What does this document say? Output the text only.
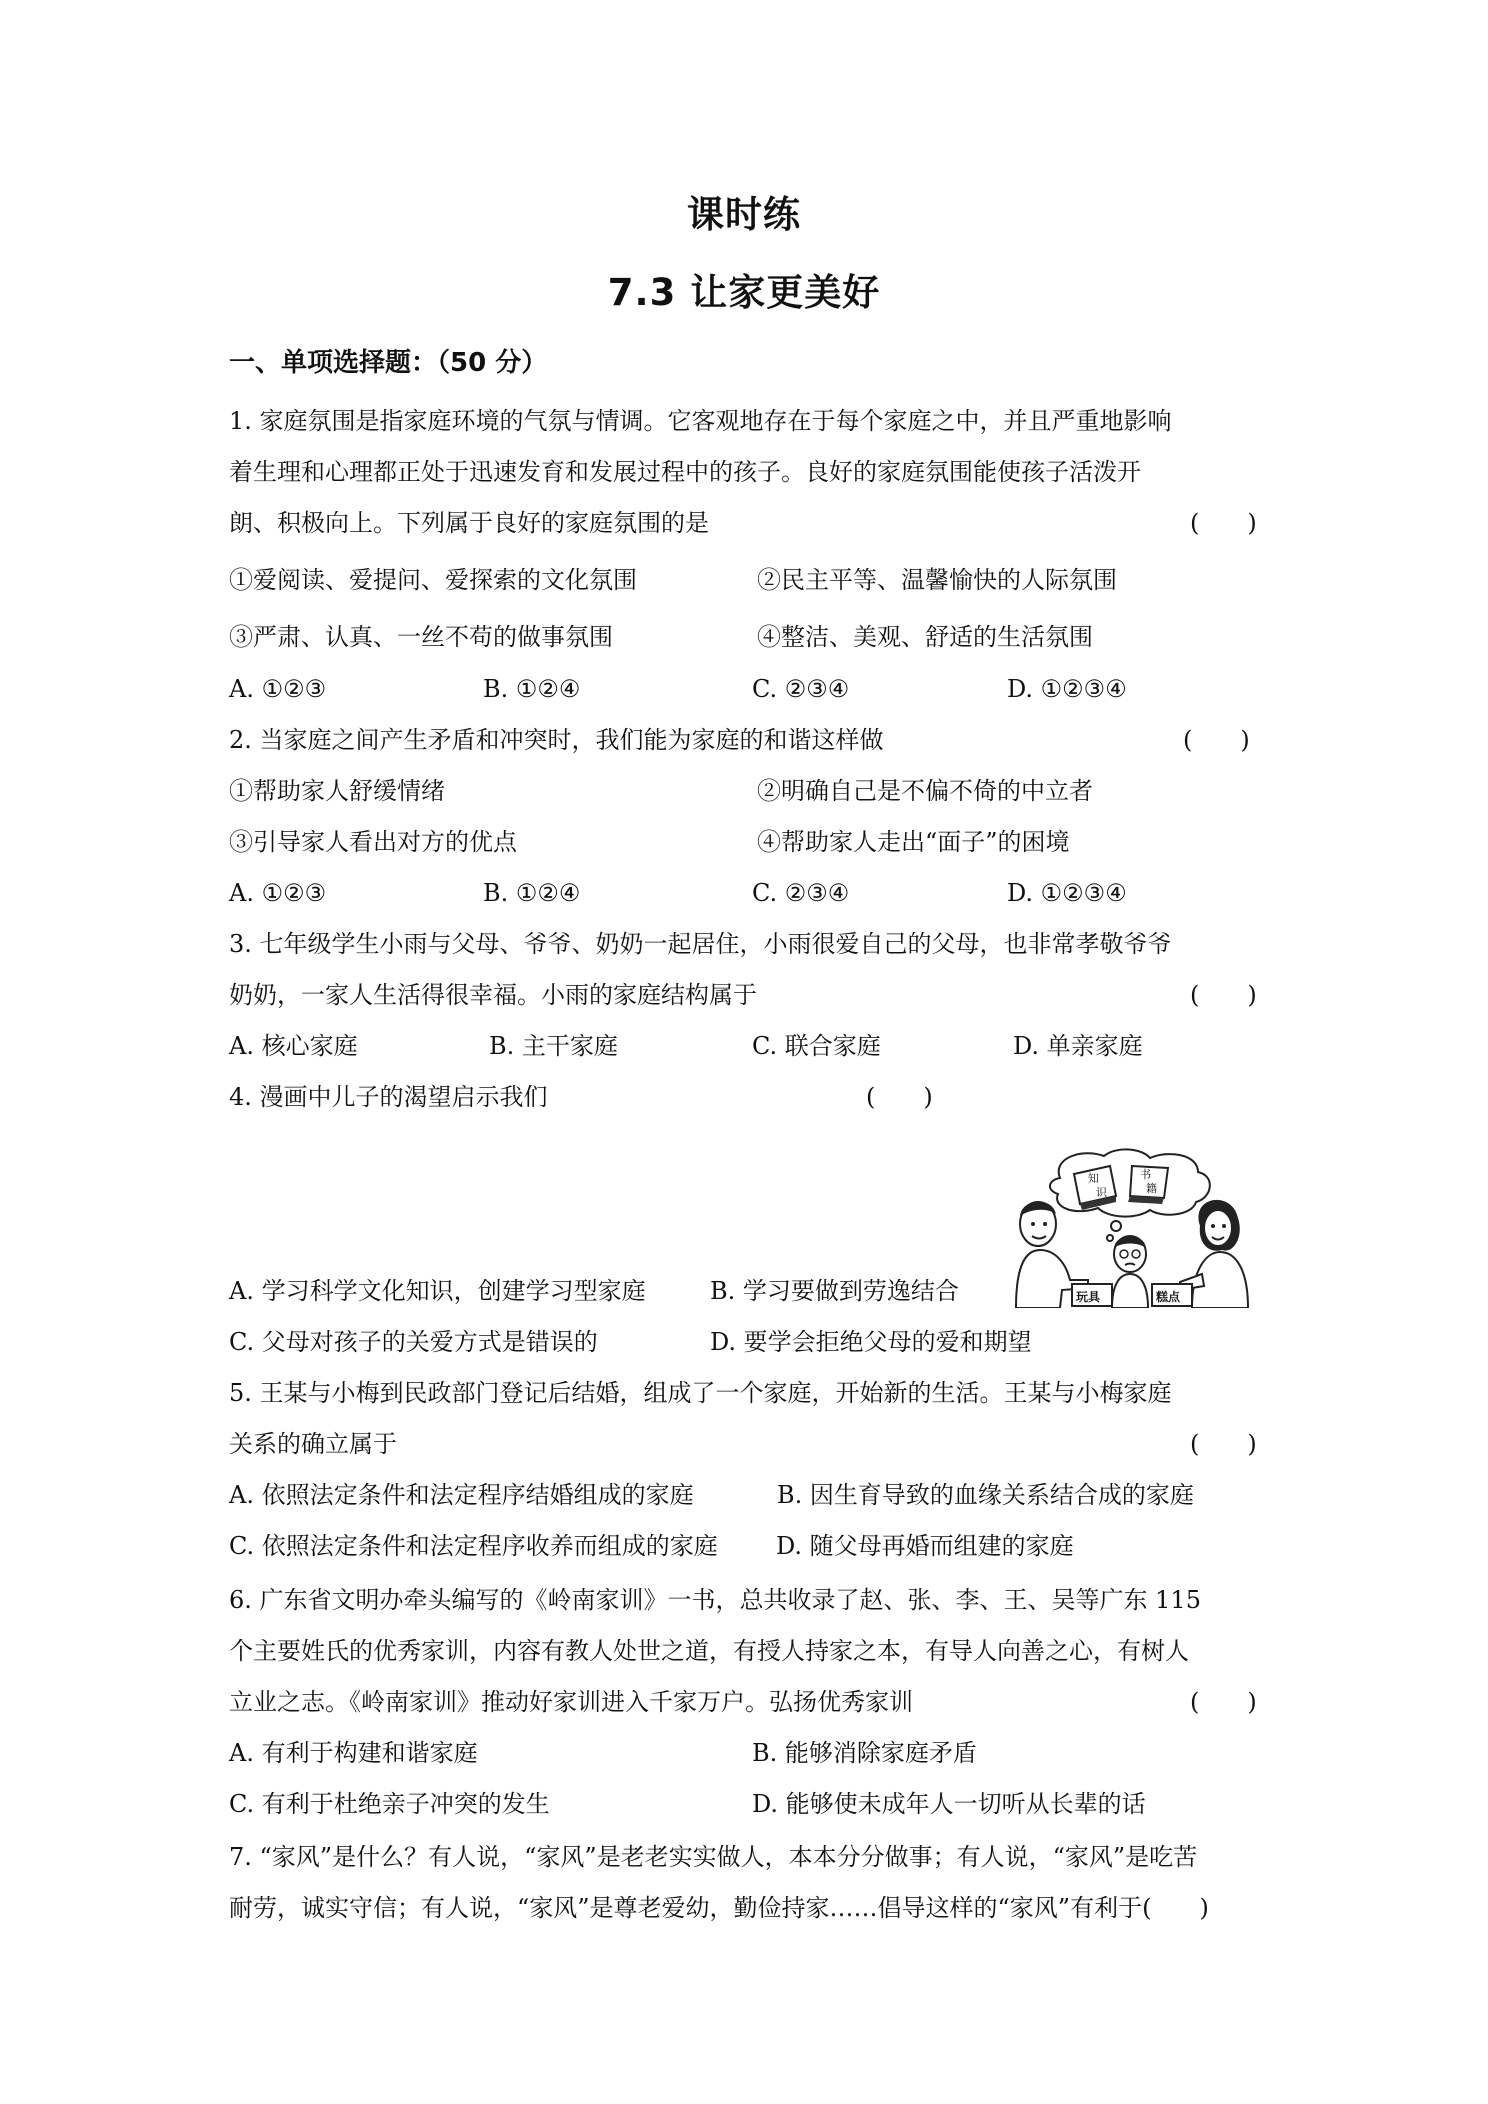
课时练
7.3 让家更美好
一、单项选择题：（50 分）
1. 家庭氛围是指家庭环境的气氛与情调。它客观地存在于每个家庭之中，并且严重地影响
着生理和心理都正处于迅速发育和发展过程中的孩子。良好的家庭氛围能使孩子活泼开
朗、积极向上。下列属于良好的家庭氛围的是	(　　)
①爱阅读、爱提问、爱探索的文化氛围	②民主平等、温馨愉快的人际氛围
③严肃、认真、一丝不苟的做事氛围	④整洁、美观、舒适的生活氛围
A. ①②③	B. ①②④	C. ②③④	D. ①②③④
2. 当家庭之间产生矛盾和冲突时，我们能为家庭的和谐这样做	(　　)
①帮助家人舒缓情绪	②明确自己是不偏不倚的中立者
③引导家人看出对方的优点	④帮助家人走出“面子”的困境
A. ①②③	B. ①②④	C. ②③④	D. ①②③④
3. 七年级学生小雨与父母、爷爷、奶奶一起居住，小雨很爱自己的父母，也非常孝敬爷爷
奶奶，一家人生活得很幸福。小雨的家庭结构属于	(　　)
A. 核心家庭	B. 主干家庭	C. 联合家庭	D. 单亲家庭
4. 漫画中儿子的渴望启示我们	(　　)
知
识
书
籍
玩具	糕点
A. 学习科学文化知识，创建学习型家庭	B. 学习要做到劳逸结合
C. 父母对孩子的关爱方式是错误的	D. 要学会拒绝父母的爱和期望
5. 王某与小梅到民政部门登记后结婚，组成了一个家庭，开始新的生活。王某与小梅家庭
关系的确立属于	(　　)
A. 依照法定条件和法定程序结婚组成的家庭	B. 因生育导致的血缘关系结合成的家庭
C. 依照法定条件和法定程序收养而组成的家庭 D. 随父母再婚而组建的家庭
6. 广东省文明办牵头编写的《岭南家训》一书，总共收录了赵、张、李、王、吴等广东 115
个主要姓氏的优秀家训，内容有教人处世之道，有授人持家之本，有导人向善之心，有树人
立业之志。《岭南家训》推动好家训进入千家万户。弘扬优秀家训	(　　)
A. 有利于构建和谐家庭	B. 能够消除家庭矛盾
C. 有利于杜绝亲子冲突的发生	D. 能够使未成年人一切听从长辈的话
7. “家风”是什么？有人说，“家风”是老老实实做人，本本分分做事；有人说，“家风”是吃苦
耐劳，诚实守信；有人说，“家风”是尊老爱幼，勤俭持家……倡导这样的“家风”有利于(　　)
